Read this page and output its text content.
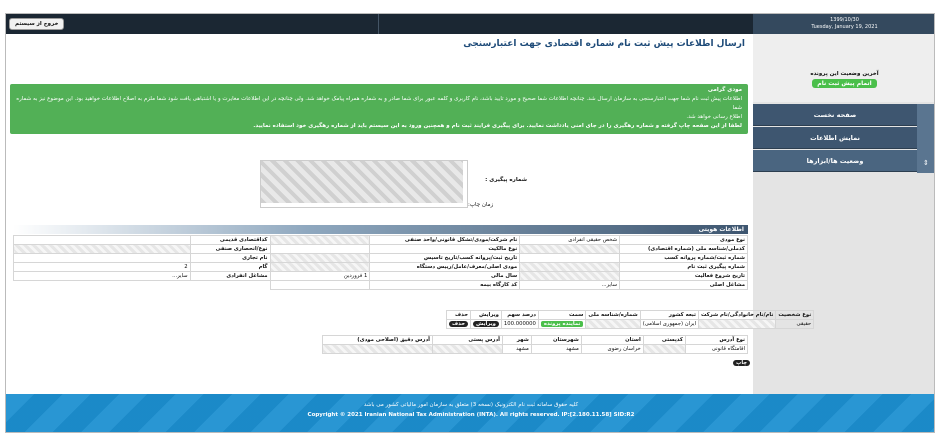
خروج از سیستم
1399/10/30
Tuesday, January 19, 2021
آخرین وضعیت این پرونده
اتمام پیش ثبت نام
صفحه نخست
نمایش اطلاعات
وضعیت ها/ابزارها	⇕
ارسال اطلاعات پیش ثبت نام شماره اقتصادی جهت اعتبارسنجی
مودی گرامی

اطلاعات پیش ثبت نام شما جهت اعتبارسنجی به سازمان ارسال شد. چنانچه اطلاعات شما صحیح و مورد تایید باشد، نام کاربری و کلمه عبور برای شما صادر و به شماره همراه پیامک خواهد شد. ولی چنانچه در این اطلاعات مغایرت و یا اشتباهی یافت شود شما ملزم به اصلاح اطلاعات خواهید بود. این موضوع نیز به شماره شما

اطلاع رسانی خواهد شد.

لطفا از این صفحه چاپ گرفته و شماره رهگیری را در جای امنی یادداشت نمایید. برای پیگیری فرایند ثبت نام و همچنین ورود به این سیستم باید از شماره رهگیری خود استفاده نمایید.

شماره پیگیری :
زمان چاپ:
اطلاعات هویتی
نوع مودی	شخص حقیقی انفرادی	نام شرکت/مودی/تشکل قانونی/واحد صنفی		کداقتصادی قدیمی	
کدملی/شناسه ملی (شماره اقتصادی)		نوع مالکیت		نوع/انحصاری صنفی	
شماره ثبت/شماره پروانه کسب		تاریخ ثبت/پروانه کسب/تاریخ تاسیس		نام تجاری	
شماره پیگیری ثبت نام		مودی اصلی/معرف/عامل/رییس دستگاه		گام	2
تاریخ شروع فعالیت		سال مالی	1 فروردین	مشاغل انفرادی	سایر...
مشاغل اصلی	سایر...	کد کارگاه بیمه			
نوع شخصیت	نام/نام خانوادگی/نام شرکت	تبعه کشور	شماره/شناسه ملی	سمت	درصد سهم	ویرایش	حذف
حقیقی		ایران (جمهوری اسلامی)		نماینده پرونده	100.000000	ویرایش	حذف
نوع آدرس	کدپستی	استان	شهرستان	شهر	آدرس پستی	آدرس دقیق (اصلاحی مودی)
اقامتگاه قانونی		خراسان رضوی	مشهد	مشهد		
چاپ
کلیه حقوق سامانه ثبت نام الکترونیک (نسخه 3) متعلق به سازمان امور مالیاتی کشور می باشد
Copyright © 2021 Iranian National Tax Administration (INTA). All rights reserved. IP:[2.180.11.58] SID:R2
